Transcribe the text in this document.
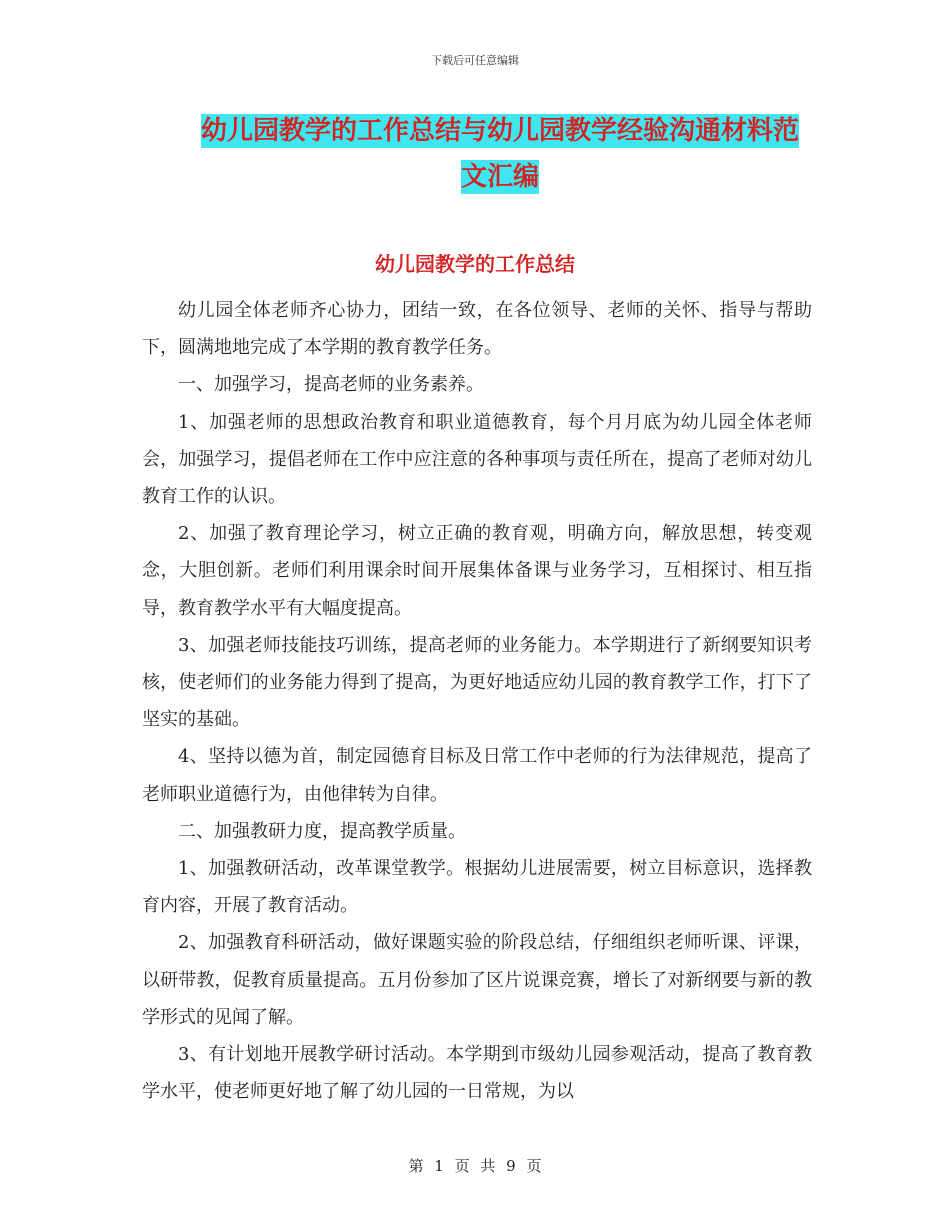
下载后可任意编辑
幼儿园教学的工作总结与幼儿园教学经验沟通材料范
文汇编
幼儿园教学的工作总结

幼儿园全体老师齐心协力，团结一致，在各位领导、老师的关怀、指导与帮助下，圆满地地完成了本学期的教育教学任务。

一、加强学习，提高老师的业务素养。

1、加强老师的思想政治教育和职业道德教育，每个月月底为幼儿园全体老师会，加强学习，提倡老师在工作中应注意的各种事项与责任所在，提高了老师对幼儿教育工作的认识。

2、加强了教育理论学习，树立正确的教育观，明确方向，解放思想，转变观念，大胆创新。老师们利用课余时间开展集体备课与业务学习，互相探讨、相互指导，教育教学水平有大幅度提高。

3、加强老师技能技巧训练，提高老师的业务能力。本学期进行了新纲要知识考核，使老师们的业务能力得到了提高，为更好地适应幼儿园的教育教学工作，打下了坚实的基础。

4、坚持以德为首，制定园德育目标及日常工作中老师的行为法律规范，提高了老师职业道德行为，由他律转为自律。

二、加强教研力度，提高教学质量。

1、加强教研活动，改革课堂教学。根据幼儿进展需要，树立目标意识，选择教育内容，开展了教育活动。

2、加强教育科研活动，做好课题实验的阶段总结，仔细组织老师听课、评课，以研带教，促教育质量提高。五月份参加了区片说课竞赛，增长了对新纲要与新的教学形式的见闻了解。

3、有计划地开展教学研讨活动。本学期到市级幼儿园参观活动，提高了教育教学水平，使老师更好地了解了幼儿园的一日常规，为以

第 1 页 共 9 页
